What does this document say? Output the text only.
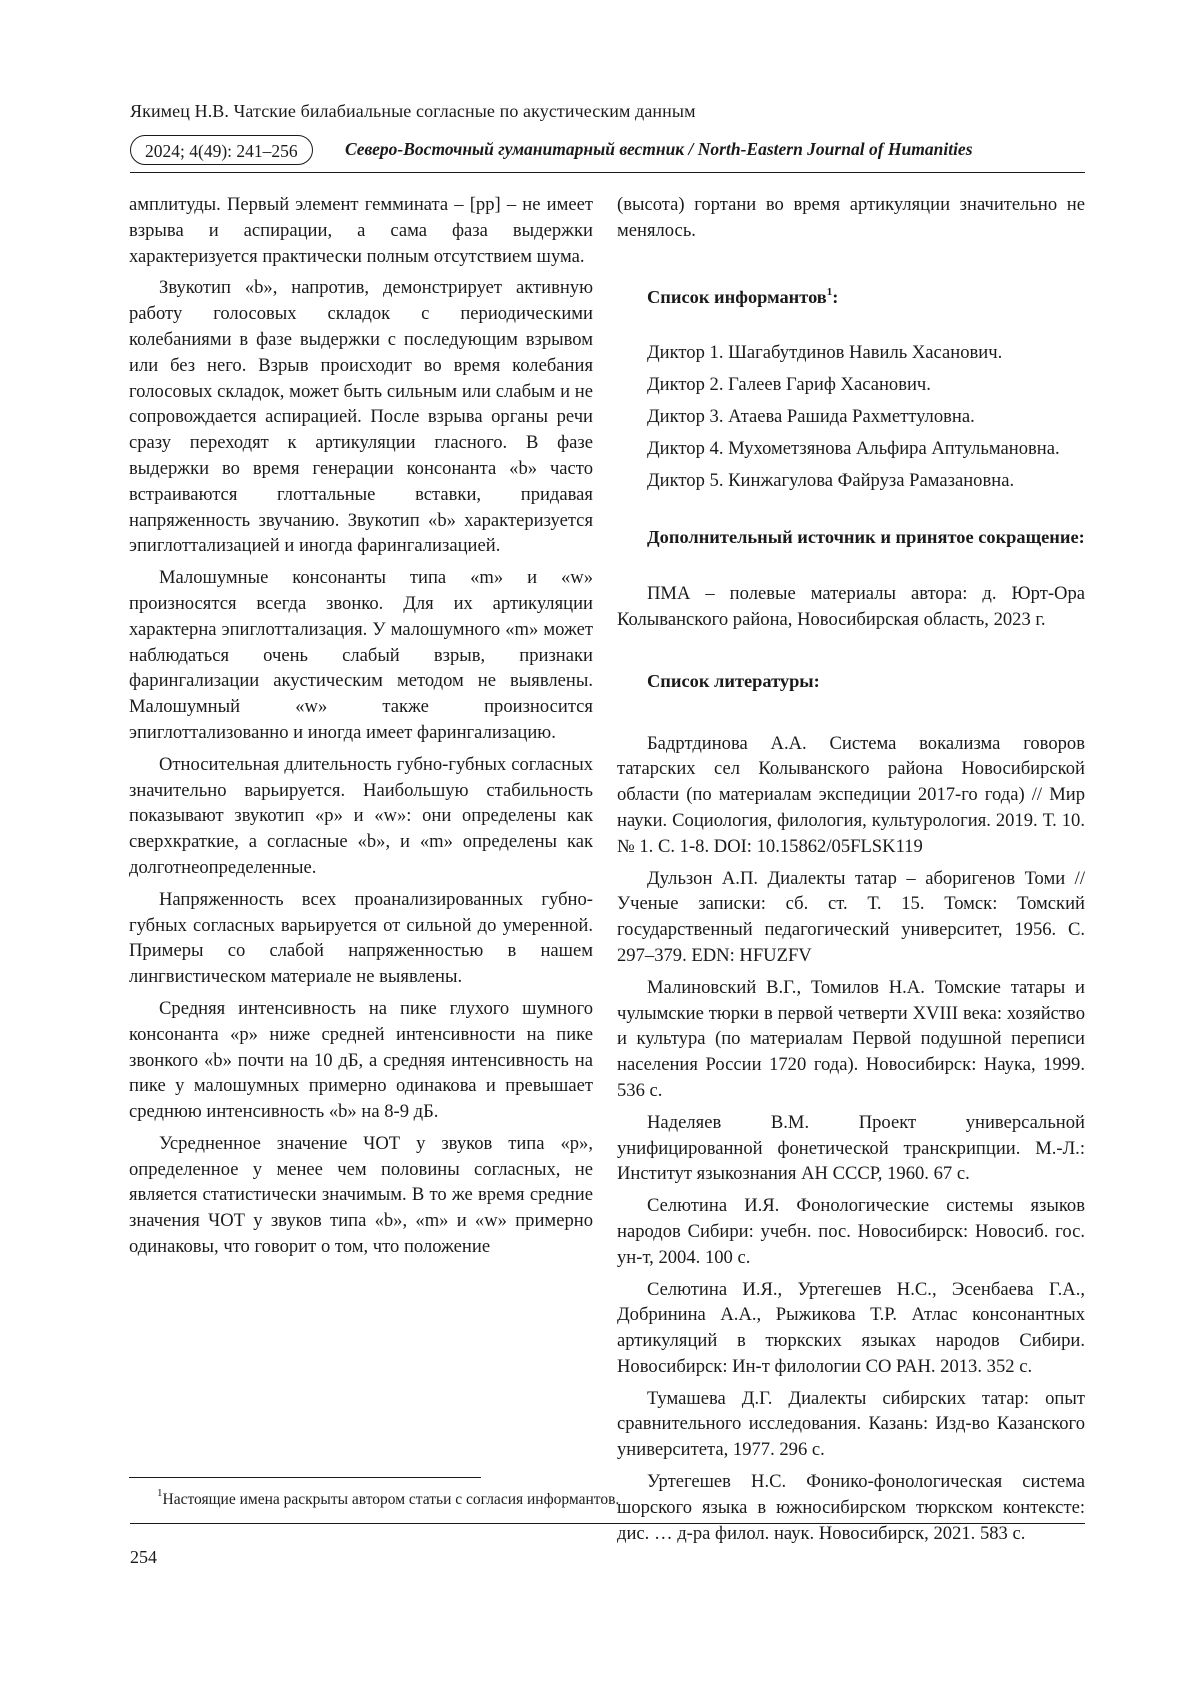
Якимец Н.В. Чатские билабиальные согласные по акустическим данным
2024; 4(49): 241–256	Северо-Восточный гуманитарный вестник / North-Eastern Journal of Humanities

амплитуды. Первый элемент геммината – [pp] – не имеет взрыва и аспирации, а сама фаза выдержки характеризуется практически полным отсутствием шума.

Звукотип «b», напротив, демонстрирует активную работу голосовых складок с периодическими колебаниями в фазе выдержки с последующим взрывом или без него. Взрыв происходит во время колебания голосовых складок, может быть сильным или слабым и не сопровождается аспирацией. После взрыва органы речи сразу переходят к артикуляции гласного. В фазе выдержки во время генерации консонанта «b» часто встраиваются глоттальные вставки, придавая напряженность звучанию. Звукотип «b» характеризуется эпиглоттализацией и иногда фарингализацией.

Малошумные консонанты типа «m» и «w» произносятся всегда звонко. Для их артикуляции характерна эпиглоттализация. У малошумного «m» может наблюдаться очень слабый взрыв, признаки фарингализации акустическим методом не выявлены. Малошумный «w» также произносится эпиглоттализованно и иногда имеет фарингализацию.

Относительная длительность губно-губных согласных значительно варьируется. Наибольшую стабильность показывают звукотип «p» и «w»: они определены как сверхкраткие, а согласные «b», и «m» определены как долготнеопределенные.

Напряженность всех проанализированных губно-губных согласных варьируется от сильной до умеренной. Примеры со слабой напряженностью в нашем лингвистическом материале не выявлены.

Средняя интенсивность на пике глухого шумного консонанта «p» ниже средней интенсивности на пике звонкого «b» почти на 10 дБ, а средняя интенсивность на пике у малошумных примерно одинакова и превышает среднюю интенсивность «b» на 8-9 дБ.

Усредненное значение ЧОТ у звуков типа «p», определенное у менее чем половины согласных, не является статистически значимым. В то же время средние значения ЧОТ у звуков типа «b», «m» и «w» примерно одинаковы, что говорит о том, что положение

(высота) гортани во время артикуляции значительно не менялось.

Список информантов$^1$:

Диктор 1. Шагабутдинов Навиль Хасанович.

Диктор 2. Галеев Гариф Хасанович.

Диктор 3. Атаева Рашида Рахметтуловна.

Диктор 4. Мухометзянова Альфира Аптульмановна.

Диктор 5. Кинжагулова Файруза Рамазановна.

Дополнительный источник и принятое сокращение:

ПМА – полевые материалы автора: д. Юрт-Ора Колыванского района, Новосибирская область, 2023 г.

Список литературы:

Бадртдинова А.А. Система вокализма говоров татарских сел Колыванского района Новосибирской области (по материалам экспедиции 2017-го года) // Мир науки. Социология, филология, культурология. 2019. Т. 10. № 1. С. 1-8. DOI: 10.15862/05FLSK119

Дульзон А.П. Диалекты татар – аборигенов Томи // Ученые записки: сб. ст. Т. 15. Томск: Томский государственный педагогический университет, 1956. С. 297–379. EDN: HFUZFV

Малиновский В.Г., Томилов Н.А. Томские татары и чулымские тюрки в первой четверти XVIII века: хозяйство и культура (по материалам Первой подушной переписи населения России 1720 года). Новосибирск: Наука, 1999. 536 с.

Наделяев В.М. Проект универсальной унифицированной фонетической транскрипции. М.-Л.: Институт языкознания АН СССР, 1960. 67 с.

Селютина И.Я. Фонологические системы языков народов Сибири: учебн. пос. Новосибирск: Новосиб. гос. ун-т, 2004. 100 с.

Селютина И.Я., Уртегешев Н.С., Эсенбаева Г.А., Добринина А.А., Рыжикова Т.Р. Атлас консонантных артикуляций в тюркских языках народов Сибири. Новосибирск: Ин-т филологии СО РАН. 2013. 352 с.

Тумашева Д.Г. Диалекты сибирских татар: опыт сравнительного исследования. Казань: Изд-во Казанского университета, 1977. 296 с.

Уртегешев Н.С. Фонико-фонологическая система шорского языка в южносибирском тюркском контексте: дис. … д-ра филол. наук. Новосибирск, 2021. 583 с.

$^1$Настоящие имена раскрыты автором статьи с согласия информантов.
254
